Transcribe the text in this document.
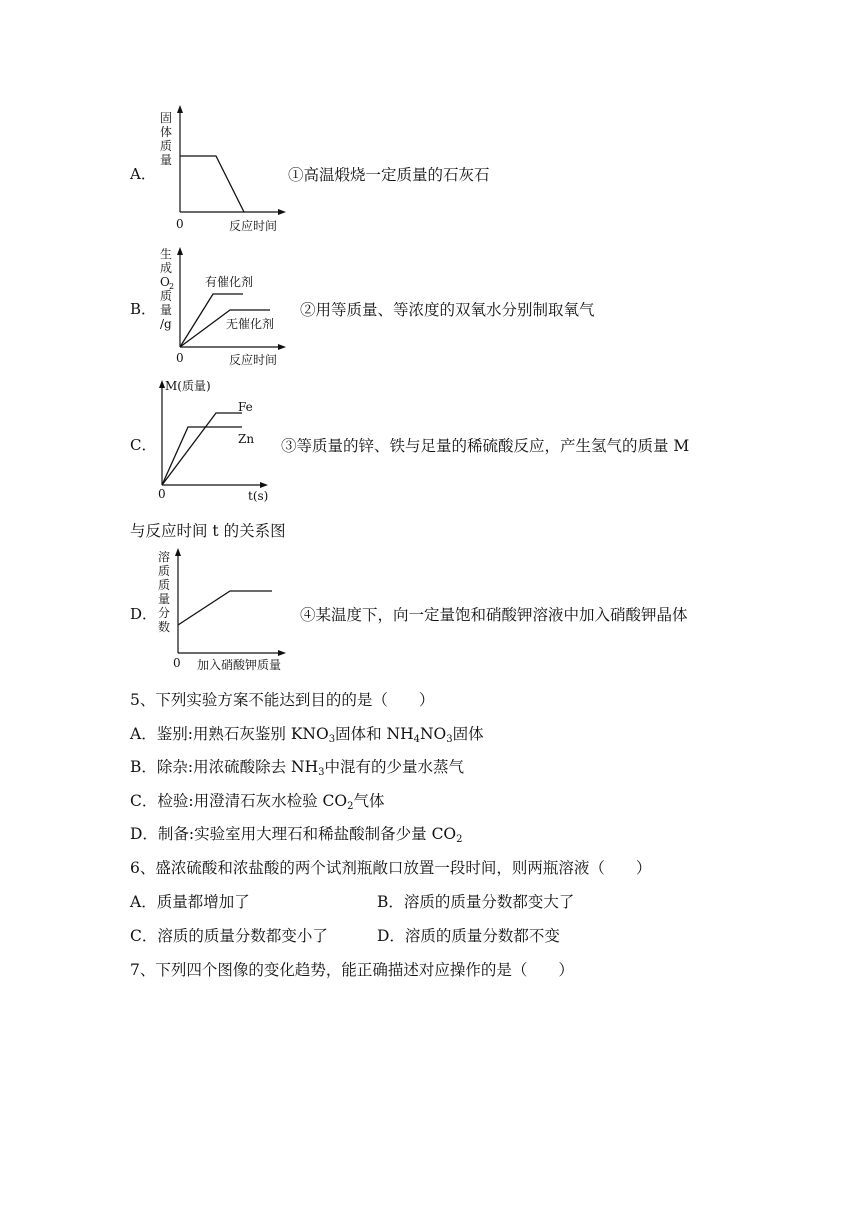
A．
固
体
质
量
0	反应时间
①高温煅烧一定质量的石灰石
B．
生
成
O 2
质
量
/g
有催化剂
无催化剂
0	反应时间
②用等质量、等浓度的双氧水分别制取氧气
C．
M(质量)
Fe
Zn
0	t(s)
③等质量的锌、铁与足量的稀硫酸反应，产生氢气的质量 M
与反应时间 t 的关系图
D．
溶
质
质
量
分
数
0 加入硝酸钾质量
④某温度下，向一定量饱和硝酸钾溶液中加入硝酸钾晶体
5、下列实验方案不能达到目的的是（　　）
A．鉴别:用熟石灰鉴别 $KNO_3$固体和 $NH_4NO_3$固体
B．除杂:用浓硫酸除去 $NH_3$中混有的少量水蒸气
C．检验:用澄清石灰水检验 $CO_2$气体
D．制备:实验室用大理石和稀盐酸制备少量 $CO_2$
6、盛浓硫酸和浓盐酸的两个试剂瓶敞口放置一段时间，则两瓶溶液（　　）
A．质量都增加了	B．溶质的质量分数都变大了
C．溶质的质量分数都变小了	D．溶质的质量分数都不变
7、下列四个图像的变化趋势，能正确描述对应操作的是（　　）
